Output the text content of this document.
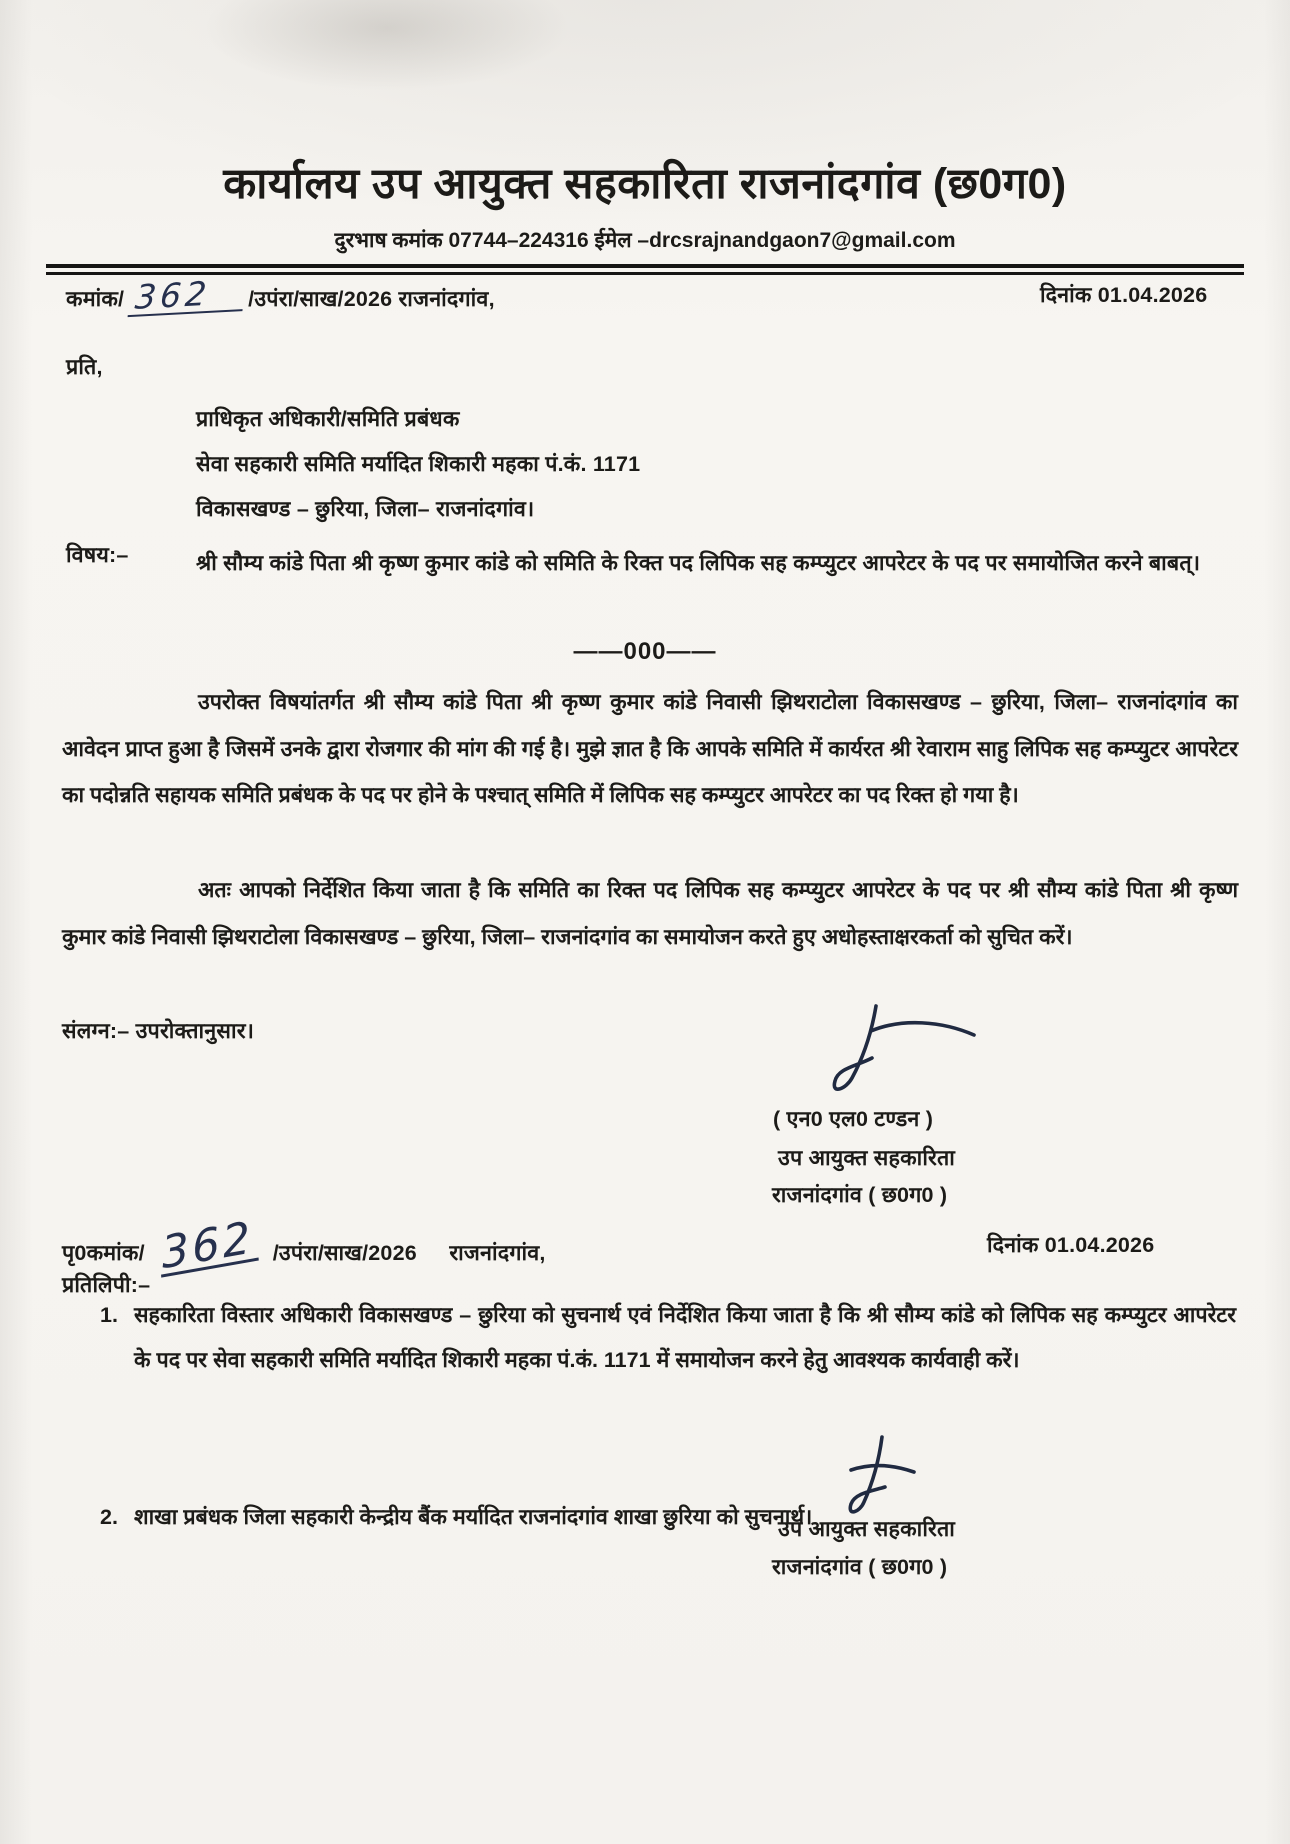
कार्यालय उप आयुक्त सहकारिता राजनांदगांव (छ0ग0)
दुरभाष कमांक 07744–224316 ईमेल –drcsrajnandgaon7@gmail.com
कमांक/ 362 /उपंरा/साख/2026 राजनांदगांव,	दिनांक 01.04.2026
प्रति,
प्राधिकृत अधिकारी/समिति प्रबंधक
सेवा सहकारी समिति मर्यादित शिकारी महका पं.कं. 1171
विकासखण्ड – छुरिया, जिला– राजनांदगांव।
विषय:–	श्री सौम्य कांडे पिता श्री कृष्ण कुमार कांडे को समिति के रिक्त पद लिपिक सह कम्प्युटर आपरेटर के पद पर समायोजित करने बाबत्।
——000——
उपरोक्त विषयांतर्गत श्री सौम्य कांडे पिता श्री कृष्ण कुमार कांडे निवासी झिथराटोला विकासखण्ड – छुरिया, जिला– राजनांदगांव का आवेदन प्राप्त हुआ है जिसमें उनके द्वारा रोजगार की मांग की गई है। मुझे ज्ञात है कि आपके समिति में कार्यरत श्री रेवाराम साहु लिपिक सह कम्प्युटर आपरेटर का पदोन्नति सहायक समिति प्रबंधक के पद पर होने के पश्चात् समिति में लिपिक सह कम्प्युटर आपरेटर का पद रिक्त हो गया है।
अतः आपको निर्देशित किया जाता है कि समिति का रिक्त पद लिपिक सह कम्प्युटर आपरेटर के पद पर श्री सौम्य कांडे पिता श्री कृष्ण कुमार कांडे निवासी झिथराटोला विकासखण्ड – छुरिया, जिला– राजनांदगांव का समायोजन करते हुए अधोहस्ताक्षरकर्ता को सुचित करें।
संलग्न:– उपरोक्तानुसार।
( एन0 एल0 टण्डन )
उप आयुक्त सहकारिता
राजनांदगांव ( छ0ग0 )
पृ0कमांक/ 362 /उपंरा/साख/2026 राजनांदगांव,	दिनांक 01.04.2026
प्रतिलिपी:–
1. सहकारिता विस्तार अधिकारी विकासखण्ड – छुरिया को सुचनार्थ एवं निर्देशित किया जाता है कि श्री सौम्य कांडे को लिपिक सह कम्प्युटर आपरेटर के पद पर सेवा सहकारी समिति मर्यादित शिकारी महका पं.कं. 1171 में समायोजन करने हेतु आवश्यक कार्यवाही करें।
2. शाखा प्रबंधक जिला सहकारी केन्द्रीय बैंक मर्यादित राजनांदगांव शाखा छुरिया को सुचनार्थ।
उप आयुक्त सहकारिता
राजनांदगांव ( छ0ग0 )
